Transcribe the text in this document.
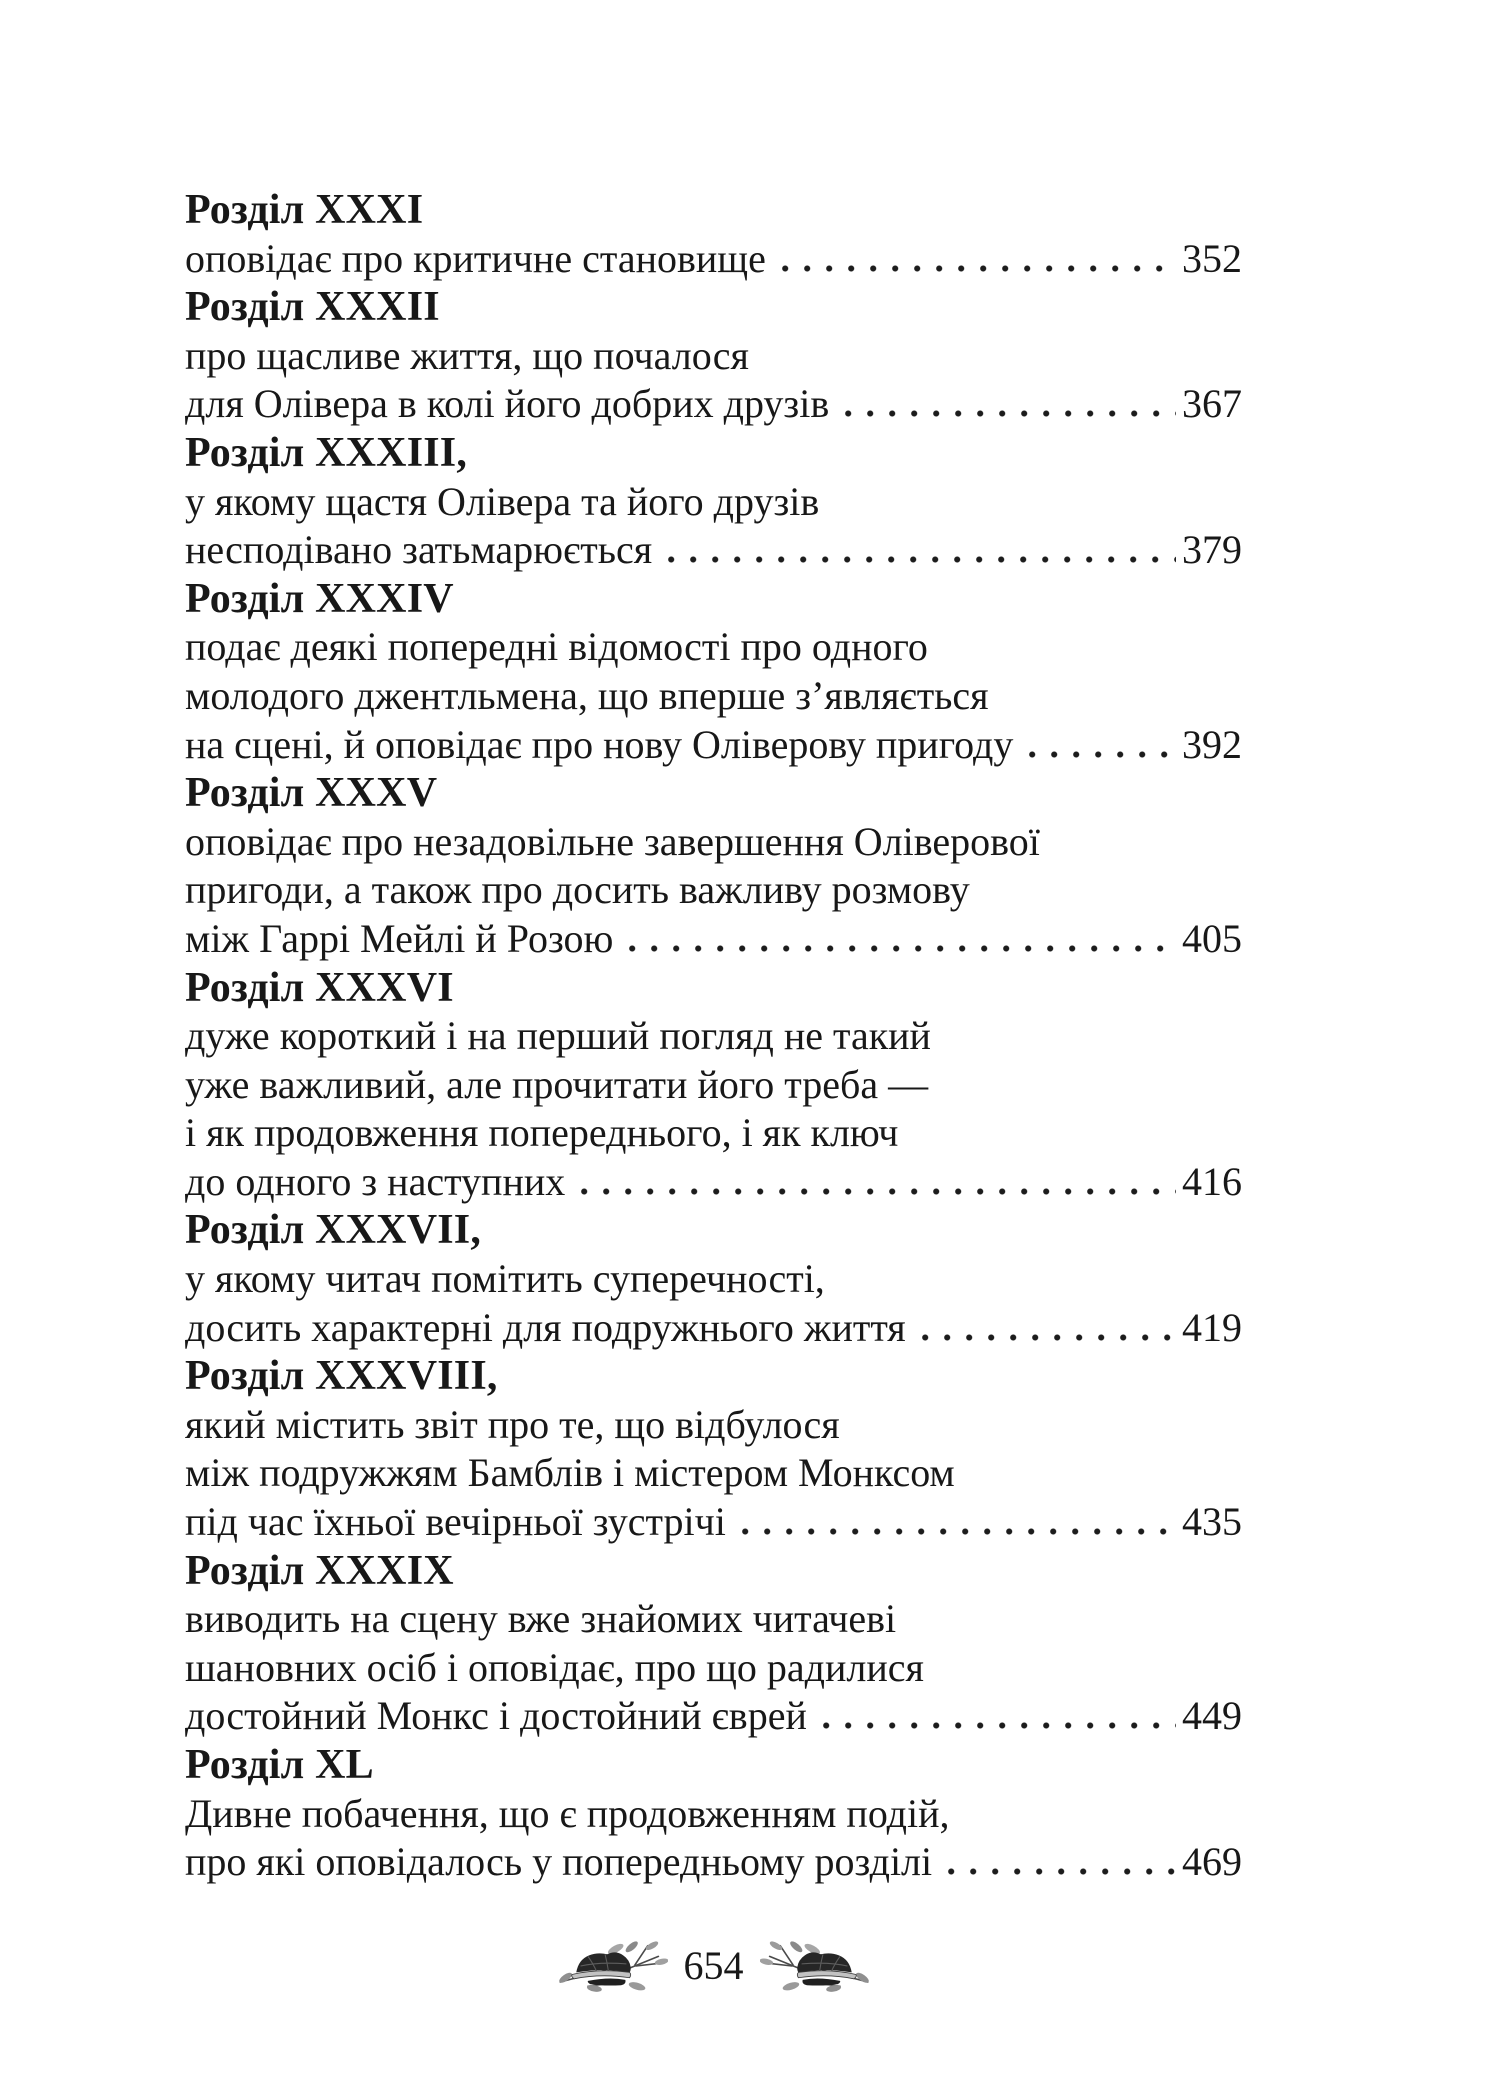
Розділ XXXI
оповідає про критичне становище	352
Розділ XXXII
про щасливе життя, що почалося
для Олівера в колі його добрих друзів	367
Розділ XXXIII,
у якому щастя Олівера та його друзів
несподівано затьмарюється	379
Розділ XXXIV
подає деякі попередні відомості про одного
молодого джентльмена, що вперше з’являється
на сцені, й оповідає про нову Оліверову пригоду	392
Розділ XXXV
оповідає про незадовільне завершення Оліверової
пригоди, а також про досить важливу розмову
між Гаррі Мейлі й Розою	405
Розділ XXXVI
дуже короткий і на перший погляд не такий
уже важливий, але прочитати його треба —
і як продовження попереднього, і як ключ
до одного з наступних	416
Розділ XXXVII,
у якому читач помітить суперечності,
досить характерні для подружнього життя	419
Розділ XXXVIII,
який містить звіт про те, що відбулося
між подружжям Бамблів і містером Монксом
під час їхньої вечірньої зустрічі	435
Розділ XXXIX
виводить на сцену вже знайомих читачеві
шановних осіб і оповідає, про що радилися
достойний Монкс і достойний єврей	449
Розділ XL
Дивне побачення, що є продовженням подій,
про які оповідалось у попередньому розділі	469
654
